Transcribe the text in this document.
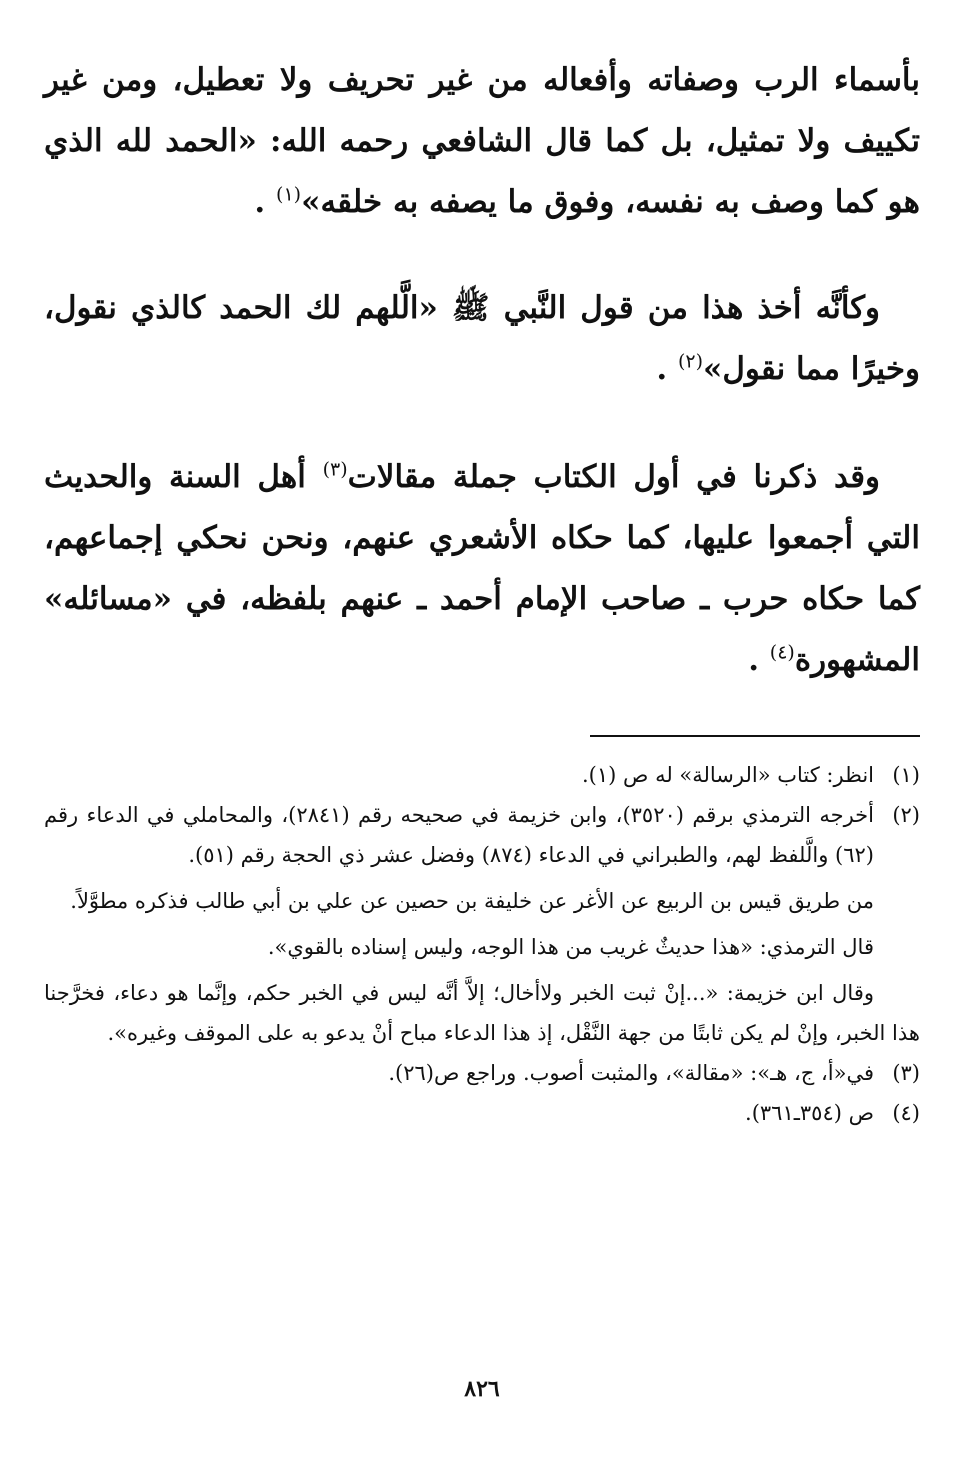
بأسماء الرب وصفاته وأفعاله من غير تحريف ولا تعطيل، ومن غير تكييف ولا تمثيل، بل كما قال الشافعي رحمه الله: «الحمد لله الذي هو كما وصف به نفسه، وفوق ما يصفه به خلقه»$^{(١)}$ .

وكأنَّه أخذ هذا من قول النَّبي ﷺ «الَّلهم لك الحمد كالذي نقول، وخيرًا مما نقول»$^{(٢)}$ .

وقد ذكرنا في أول الكتاب جملة مقالات$^{(٣)}$ أهل السنة والحديث التي أجمعوا عليها، كما حكاه الأشعري عنهم، ونحن نحكي إجماعهم، كما حكاه حرب ـ صاحب الإمام أحمد ـ عنهم بلفظه، في «مسائله» المشهورة$^{(٤)}$ .

(١)
انظر: كتاب «الرسالة» له ص (١).
(٢)
أخرجه الترمذي برقم (٣٥٢٠)، وابن خزيمة في صحيحه رقم (٢٨٤١)، والمحاملي في الدعاء رقم (٦٢) والَّلفظ لهم، والطبراني في الدعاء (٨٧٤) وفضل عشر ذي الحجة رقم (٥١).

من طريق قيس بن الربيع عن الأغر عن خليفة بن حصين عن علي بن أبي طالب فذكره مطوَّلاً.

قال الترمذي: «هذا حديثٌ غريب من هذا الوجه، وليس إسناده بالقوي».

وقال ابن خزيمة: «...إنْ ثبت الخبر ولاأخال؛ إلاَّ أنَّه ليس في الخبر حكم، وإنَّما هو دعاء، فخرَّجنا هذا الخبر، وإنْ لم يكن ثابتًا من جهة النَّقْل، إذ هذا الدعاء مباح أنْ يدعو به على الموقف وغيره».

(٣)
في«أ، ج، هـ»: «مقالة»، والمثبت أصوب. وراجع ص(٢٦).
(٤)
ص (٣٥٤ـ٣٦١).
٨٢٦
